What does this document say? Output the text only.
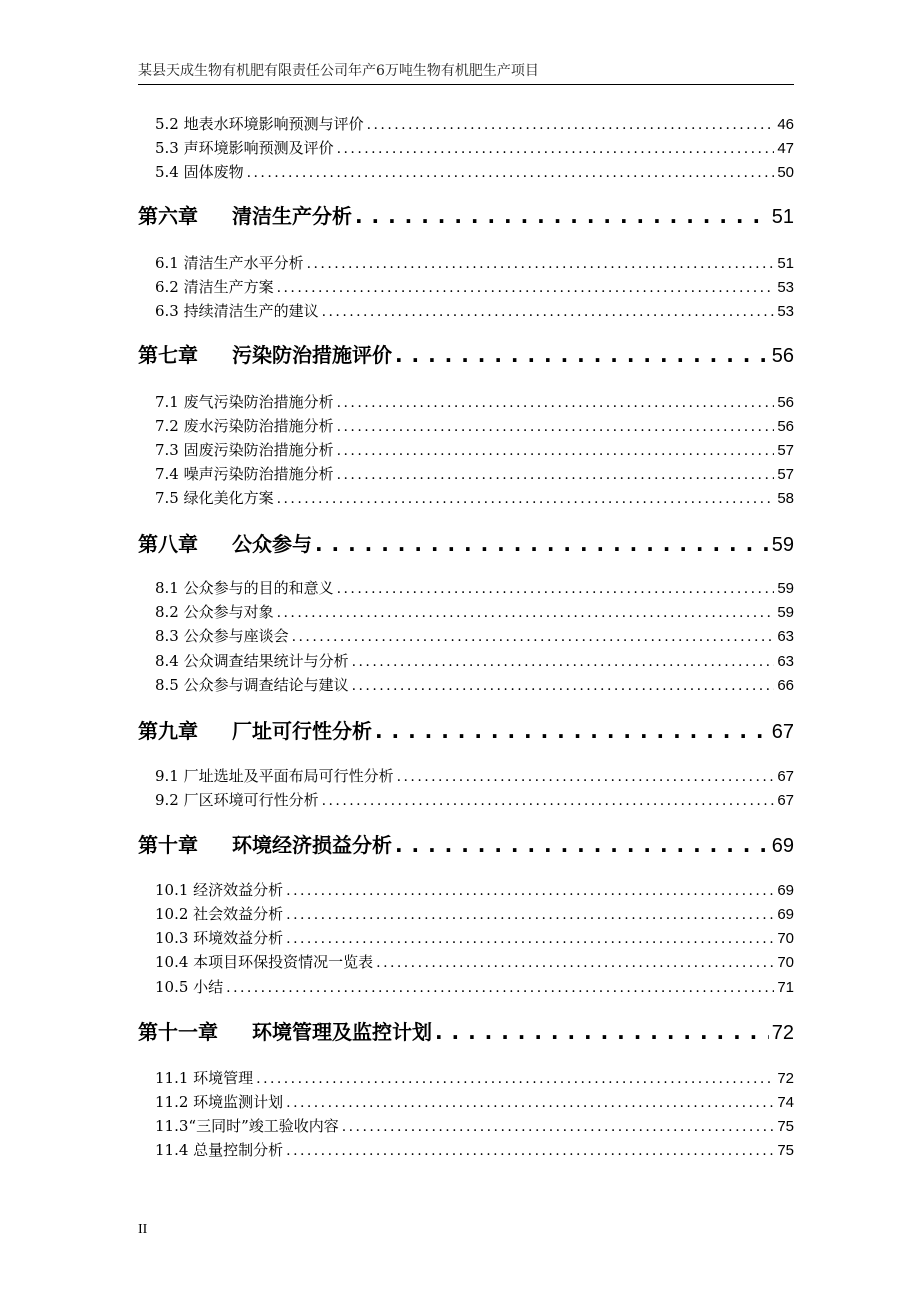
某县天成生物有机肥有限责任公司年产6万吨生物有机肥生产项目
5.2 地表水环境影响预测与评价 . . .	46
5.3 声环境影响预测及评价 . . .	47
5.4 固体废物 . . .	50
第六章 清洁生产分析 . . .	51
6.1 清洁生产水平分析 . . .	51
6.2 清洁生产方案 . . .	53
6.3 持续清洁生产的建议 . . .	53
第七章 污染防治措施评价 . . .	56
7.1 废气污染防治措施分析 . . .	56
7.2 废水污染防治措施分析 . . .	56
7.3 固废污染防治措施分析 . . .	57
7.4 噪声污染防治措施分析 . . .	57
7.5 绿化美化方案 . . .	58
第八章 公众参与 . . .	59
8.1 公众参与的目的和意义 . . .	59
8.2 公众参与对象 . . .	59
8.3 公众参与座谈会 . . .	63
8.4 公众调查结果统计与分析 . . .	63
8.5 公众参与调查结论与建议 . . .	66
第九章 厂址可行性分析 . . .	67
9.1 厂址选址及平面布局可行性分析 . . .	67
9.2 厂区环境可行性分析 . . .	67
第十章 环境经济损益分析 . . .	69
10.1 经济效益分析 . . .	69
10.2 社会效益分析 . . .	69
10.3 环境效益分析 . . .	70
10.4 本项目环保投资情况一览表 . . .	70
10.5 小结 . . .	71
第十一章 环境管理及监控计划 . . .	72
11.1 环境管理 . . .	72
11.2 环境监测计划 . . .	74
11.3“三同时”竣工验收内容 . . .	75
11.4 总量控制分析 . . .	75
II
